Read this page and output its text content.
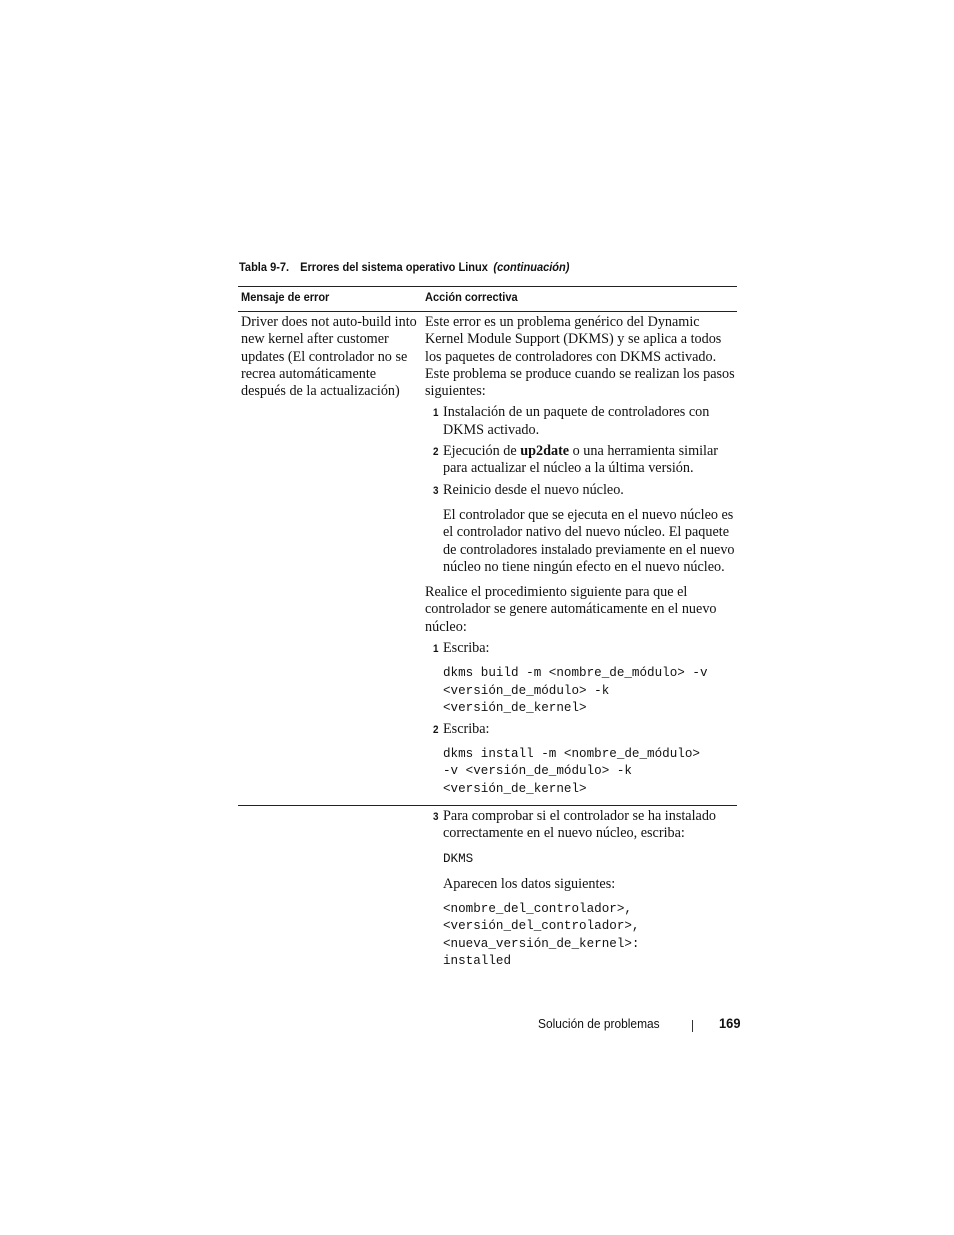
Tabla 9-7. Errores del sistema operativo Linux (continuación)
Mensaje de error	Acción correctiva
Driver does not auto-build into new kernel after customer updates (El controlador no se recrea automáticamente después de la actualización)

Este error es un problema genérico del Dynamic Kernel Module Support (DKMS) y se aplica a todos los paquetes de controladores con DKMS activado. Este problema se produce cuando se realizan los pasos siguientes:

1 Instalación de un paquete de controladores con DKMS activado.
2 Ejecución de up2date o una herramienta similar para actualizar el núcleo a la última versión.
3 Reinicio desde el nuevo núcleo.

El controlador que se ejecuta en el nuevo núcleo es el controlador nativo del nuevo núcleo. El paquete de controladores instalado previamente en el nuevo núcleo no tiene ningún efecto en el nuevo núcleo.

Realice el procedimiento siguiente para que el controlador se genere automáticamente en el nuevo núcleo:

1 Escriba:
dkms build -m <nombre_de_módulo> -v
<versión_de_módulo> -k
<versión_de_kernel>
2 Escriba:
dkms install -m <nombre_de_módulo>
-v <versión_de_módulo> -k
<versión_de_kernel>
3 Para comprobar si el controlador se ha instalado correctamente en el nuevo núcleo, escriba:
DKMS

Aparecen los datos siguientes:

<nombre_del_controlador>,
<versión_del_controlador>,
<nueva_versión_de_kernel>:
installed
Solución de problemas	169
